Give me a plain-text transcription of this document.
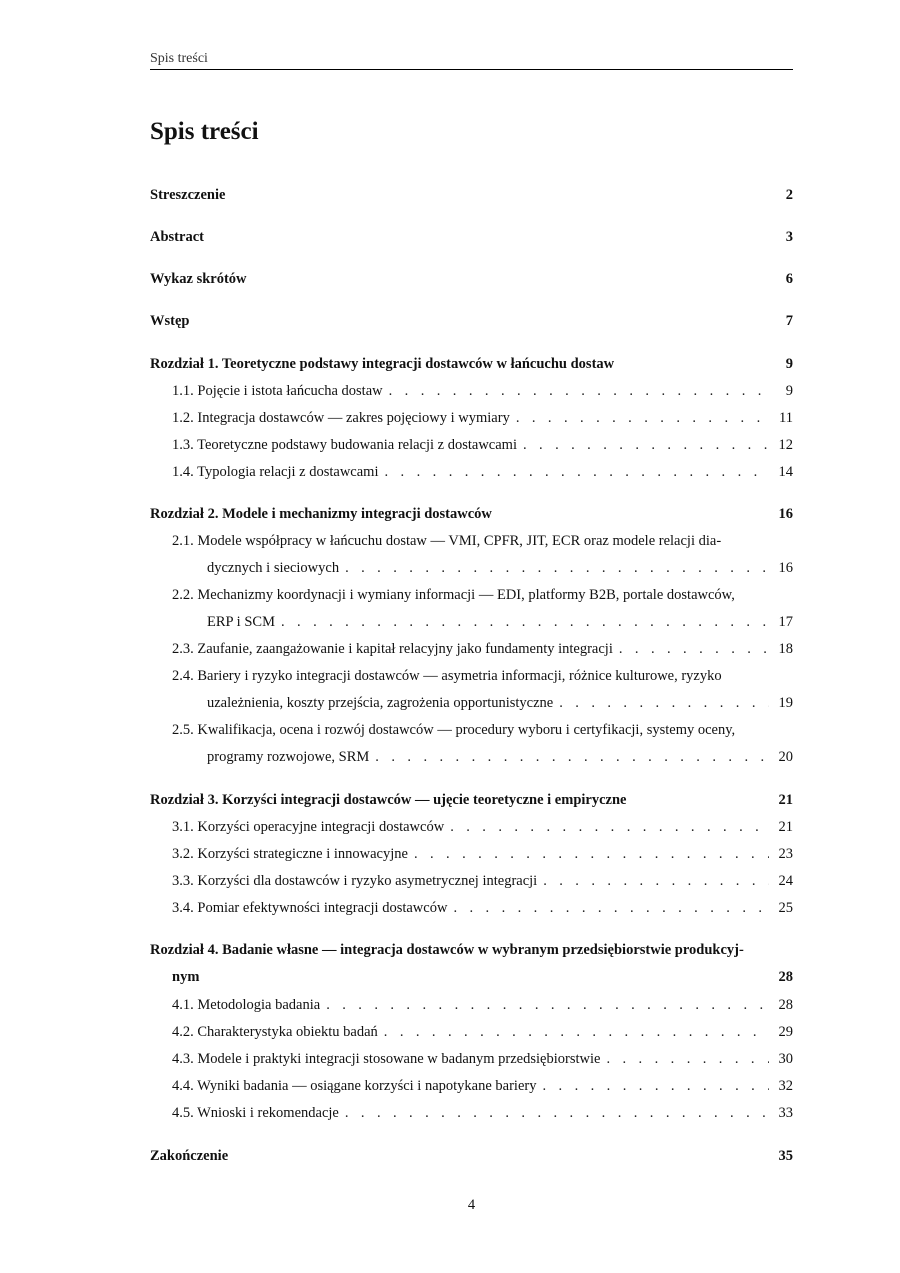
Spis treści
Spis treści
Streszczenie	2
Abstract	3
Wykaz skrótów	6
Wstęp	7
Rozdział 1. Teoretyczne podstawy integracji dostawców w łańcuchu dostaw	9
1.1. Pojęcie i istota łańcucha dostaw . . .	9
1.2. Integracja dostawców — zakres pojęciowy i wymiary . . .	11
1.3. Teoretyczne podstawy budowania relacji z dostawcami . . .	12
1.4. Typologia relacji z dostawcami . . .	14
Rozdział 2. Modele i mechanizmy integracji dostawców	16
2.1. Modele współpracy w łańcuchu dostaw — VMI, CPFR, JIT, ECR oraz modele relacji dia-
dycznych i sieciowych . . .	16
2.2. Mechanizmy koordynacji i wymiany informacji — EDI, platformy B2B, portale dostawców,
ERP i SCM . . .	17
2.3. Zaufanie, zaangażowanie i kapitał relacyjny jako fundamenty integracji . . .	18
2.4. Bariery i ryzyko integracji dostawców — asymetria informacji, różnice kulturowe, ryzyko
uzależnienia, koszty przejścia, zagrożenia opportunistyczne . . .	19
2.5. Kwalifikacja, ocena i rozwój dostawców — procedury wyboru i certyfikacji, systemy oceny,
programy rozwojowe, SRM . . .	20
Rozdział 3. Korzyści integracji dostawców — ujęcie teoretyczne i empiryczne	21
3.1. Korzyści operacyjne integracji dostawców . . .	21
3.2. Korzyści strategiczne i innowacyjne . . .	23
3.3. Korzyści dla dostawców i ryzyko asymetrycznej integracji . . .	24
3.4. Pomiar efektywności integracji dostawców . . .	25
Rozdział 4. Badanie własne — integracja dostawców w wybranym przedsiębiorstwie produkcyj-
nym	28
4.1. Metodologia badania . . .	28
4.2. Charakterystyka obiektu badań . . .	29
4.3. Modele i praktyki integracji stosowane w badanym przedsiębiorstwie . . .	30
4.4. Wyniki badania — osiągane korzyści i napotykane bariery . . .	32
4.5. Wnioski i rekomendacje . . .	33
Zakończenie	35
4
